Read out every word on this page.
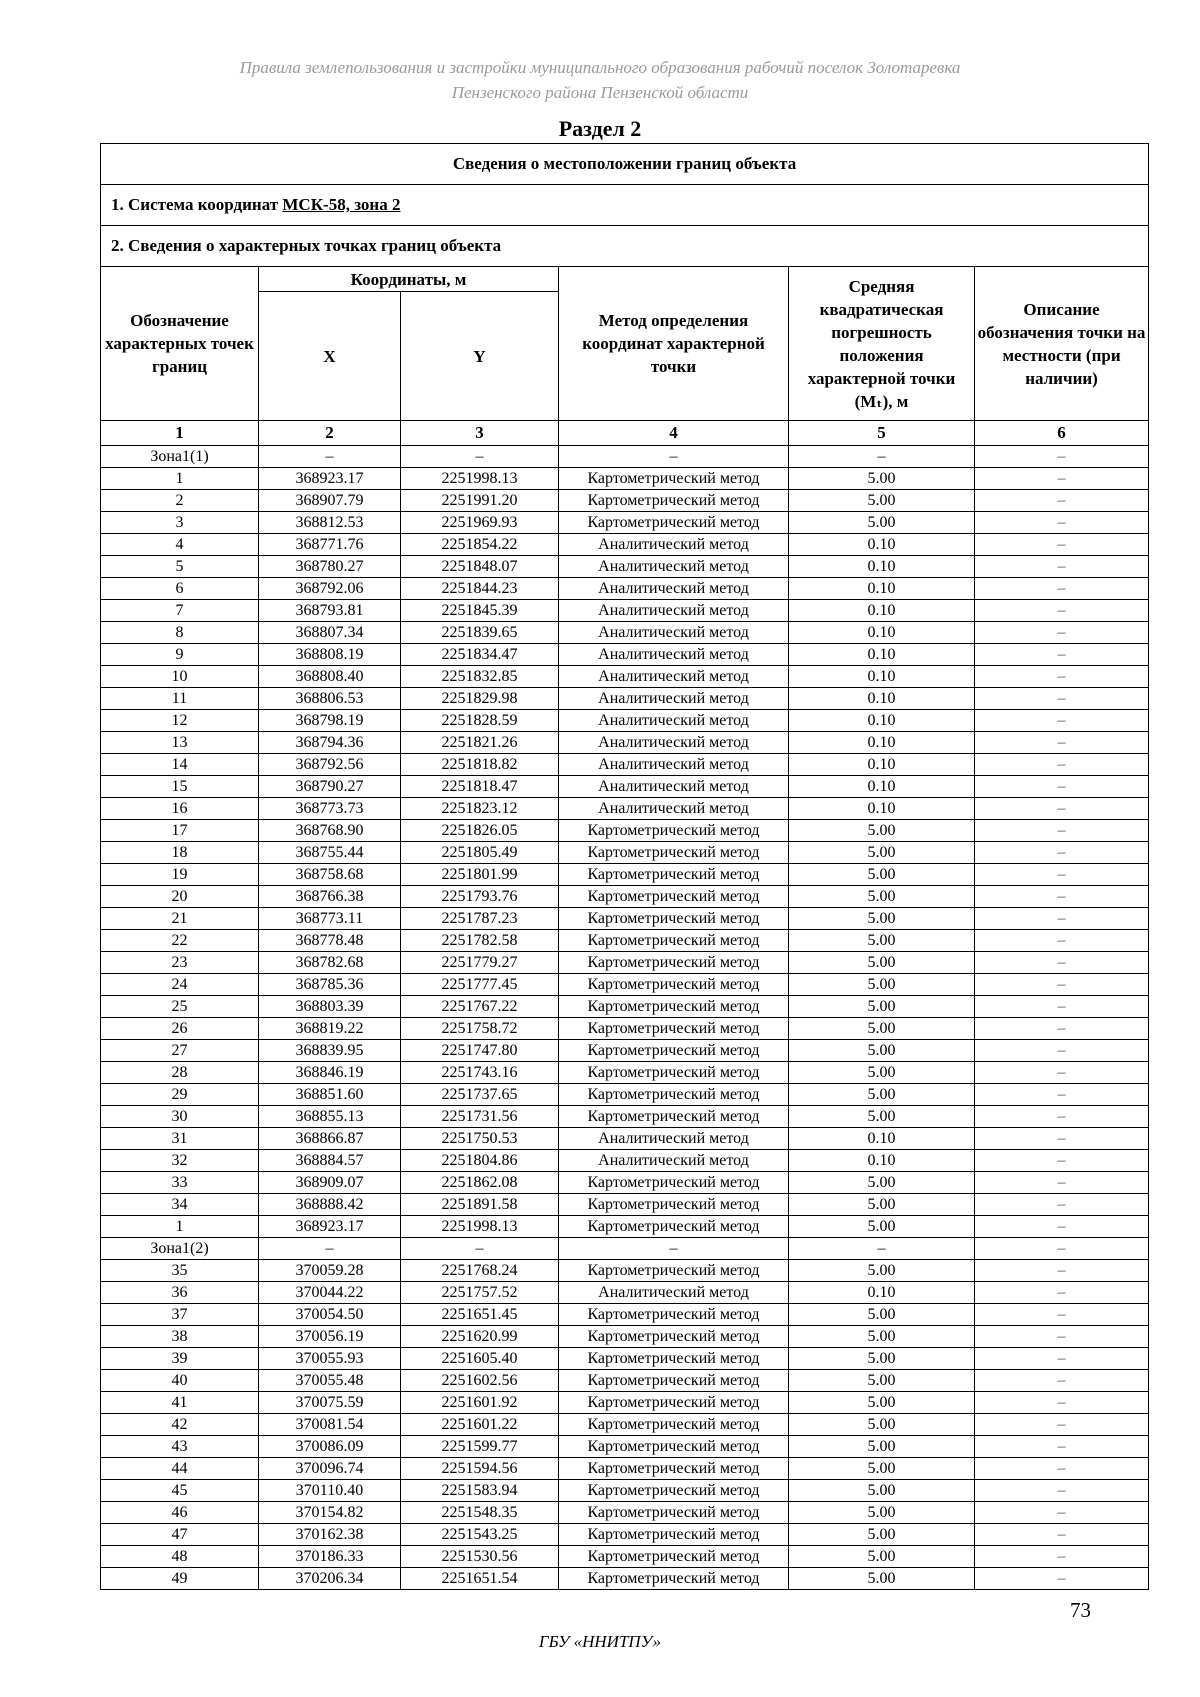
Правила землепользования и застройки муниципального образования рабочий поселок Золотаревка
Пензенского района Пензенской области
Раздел 2
Сведения о местоположении границ объекта					
1. Система координат МСК-58, зона 2					
2. Сведения о характерных точках границ объекта					
Обозначение характерных точек границ	Координаты, м		Метод определения координат характерной точки	Средняя квадратическая погрешность положения характерной точки (Mₜ), м	Описание обозначения точки на местности (при наличии)
	X	Y			
1	2	3	4	5	6
Зона1(1)	–	–	–	–	–
1	368923.17	2251998.13	Картометрический метод	5.00	–
2	368907.79	2251991.20	Картометрический метод	5.00	–
3	368812.53	2251969.93	Картометрический метод	5.00	–
4	368771.76	2251854.22	Аналитический метод	0.10	–
5	368780.27	2251848.07	Аналитический метод	0.10	–
6	368792.06	2251844.23	Аналитический метод	0.10	–
7	368793.81	2251845.39	Аналитический метод	0.10	–
8	368807.34	2251839.65	Аналитический метод	0.10	–
9	368808.19	2251834.47	Аналитический метод	0.10	–
10	368808.40	2251832.85	Аналитический метод	0.10	–
11	368806.53	2251829.98	Аналитический метод	0.10	–
12	368798.19	2251828.59	Аналитический метод	0.10	–
13	368794.36	2251821.26	Аналитический метод	0.10	–
14	368792.56	2251818.82	Аналитический метод	0.10	–
15	368790.27	2251818.47	Аналитический метод	0.10	–
16	368773.73	2251823.12	Аналитический метод	0.10	–
17	368768.90	2251826.05	Картометрический метод	5.00	–
18	368755.44	2251805.49	Картометрический метод	5.00	–
19	368758.68	2251801.99	Картометрический метод	5.00	–
20	368766.38	2251793.76	Картометрический метод	5.00	–
21	368773.11	2251787.23	Картометрический метод	5.00	–
22	368778.48	2251782.58	Картометрический метод	5.00	–
23	368782.68	2251779.27	Картометрический метод	5.00	–
24	368785.36	2251777.45	Картометрический метод	5.00	–
25	368803.39	2251767.22	Картометрический метод	5.00	–
26	368819.22	2251758.72	Картометрический метод	5.00	–
27	368839.95	2251747.80	Картометрический метод	5.00	–
28	368846.19	2251743.16	Картометрический метод	5.00	–
29	368851.60	2251737.65	Картометрический метод	5.00	–
30	368855.13	2251731.56	Картометрический метод	5.00	–
31	368866.87	2251750.53	Аналитический метод	0.10	–
32	368884.57	2251804.86	Аналитический метод	0.10	–
33	368909.07	2251862.08	Картометрический метод	5.00	–
34	368888.42	2251891.58	Картометрический метод	5.00	–
1	368923.17	2251998.13	Картометрический метод	5.00	–
Зона1(2)	–	–	–	–	–
35	370059.28	2251768.24	Картометрический метод	5.00	–
36	370044.22	2251757.52	Аналитический метод	0.10	–
37	370054.50	2251651.45	Картометрический метод	5.00	–
38	370056.19	2251620.99	Картометрический метод	5.00	–
39	370055.93	2251605.40	Картометрический метод	5.00	–
40	370055.48	2251602.56	Картометрический метод	5.00	–
41	370075.59	2251601.92	Картометрический метод	5.00	–
42	370081.54	2251601.22	Картометрический метод	5.00	–
43	370086.09	2251599.77	Картометрический метод	5.00	–
44	370096.74	2251594.56	Картометрический метод	5.00	–
45	370110.40	2251583.94	Картометрический метод	5.00	–
46	370154.82	2251548.35	Картометрический метод	5.00	–
47	370162.38	2251543.25	Картометрический метод	5.00	–
48	370186.33	2251530.56	Картометрический метод	5.00	–
49	370206.34	2251651.54	Картометрический метод	5.00	–
73
ГБУ «ННИТПУ»
